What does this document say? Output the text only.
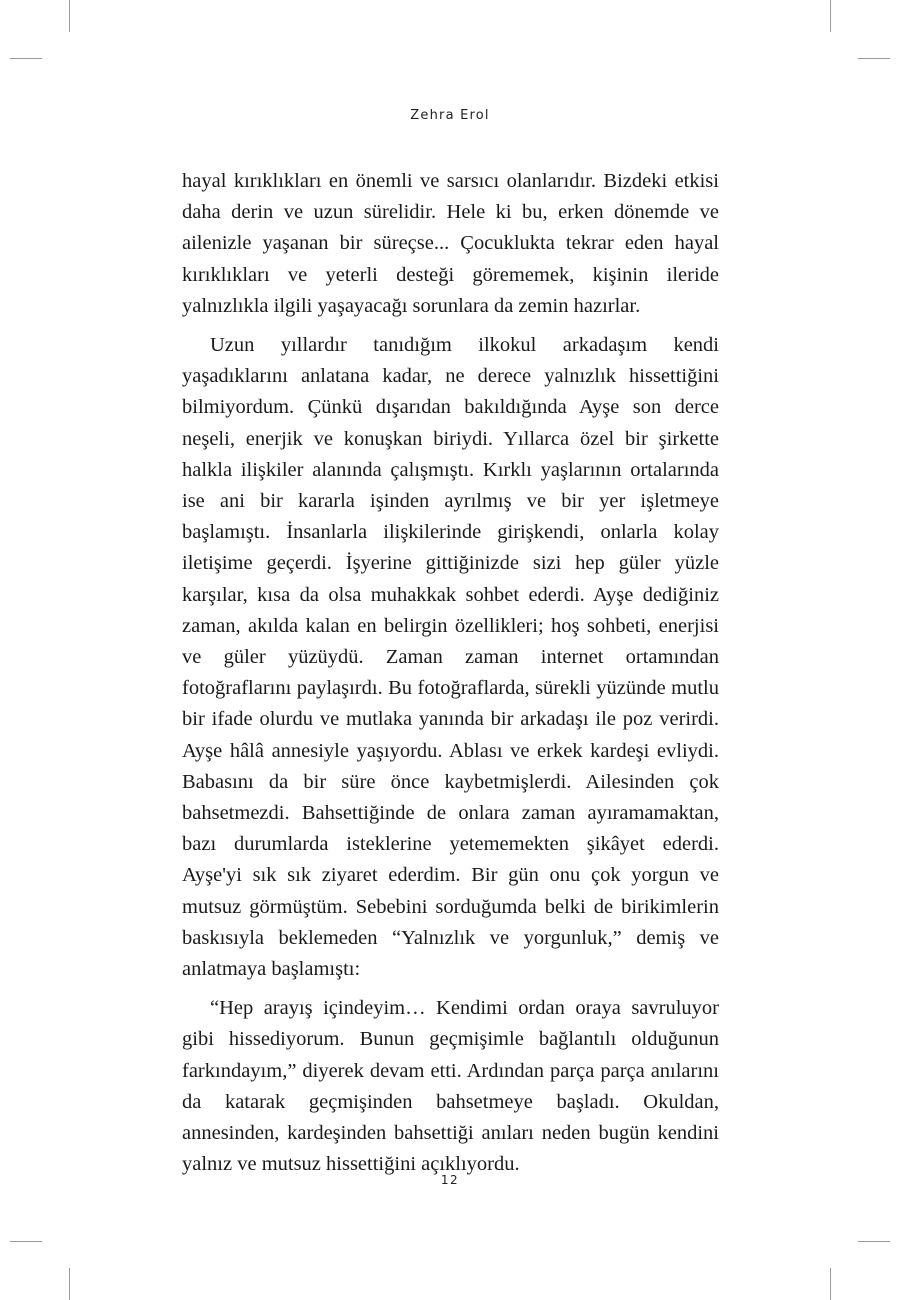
Zehra Erol

hayal kırıklıkları en önemli ve sarsıcı olanlarıdır. Bizdeki etkisi daha derin ve uzun sürelidir. Hele ki bu, erken dönemde ve ailenizle yaşanan bir süreçse... Çocuklukta tekrar eden hayal kırıklıkları ve yeterli desteği görememek, kişinin ileride yalnızlıkla ilgili yaşayacağı sorunlara da zemin hazırlar.

Uzun yıllardır tanıdığım ilkokul arkadaşım kendi yaşadıklarını anlatana kadar, ne derece yalnızlık hissettiğini bilmiyordum. Çünkü dışarıdan bakıldığında Ayşe son derce neşeli, enerjik ve konuşkan biriydi. Yıllarca özel bir şirkette halkla ilişkiler alanında çalışmıştı. Kırklı yaşlarının ortalarında ise ani bir kararla işinden ayrılmış ve bir yer işletmeye başlamıştı. İnsanlarla ilişkilerinde girişkendi, onlarla kolay iletişime geçerdi. İşyerine gittiğinizde sizi hep güler yüzle karşılar, kısa da olsa muhakkak sohbet ederdi. Ayşe dediğiniz zaman, akılda kalan en belirgin özellikleri; hoş sohbeti, enerjisi ve güler yüzüydü. Zaman zaman internet ortamından fotoğraflarını paylaşırdı. Bu fotoğraflarda, sürekli yüzünde mutlu bir ifade olurdu ve mutlaka yanında bir arkadaşı ile poz verirdi. Ayşe hâlâ annesiyle yaşıyordu. Ablası ve erkek kardeşi evliydi. Babasını da bir süre önce kaybetmişlerdi. Ailesinden çok bahsetmezdi. Bahsettiğinde de onlara zaman ayıramamaktan, bazı durumlarda isteklerine yetememekten şikâyet ederdi. Ayşe'yi sık sık ziyaret ederdim. Bir gün onu çok yorgun ve mutsuz görmüştüm. Sebebini sorduğumda belki de birikimlerin baskısıyla beklemeden “Yalnızlık ve yorgunluk,” demiş ve anlatmaya başlamıştı:

“Hep arayış içindeyim… Kendimi ordan oraya savruluyor gibi hissediyorum. Bunun geçmişimle bağlantılı olduğunun farkındayım,” diyerek devam etti. Ardından parça parça anılarını da katarak geçmişinden bahsetmeye başladı. Okuldan, annesinden, kardeşinden bahsettiği anıları neden bugün kendini yalnız ve mutsuz hissettiğini açıklıyordu.

12
